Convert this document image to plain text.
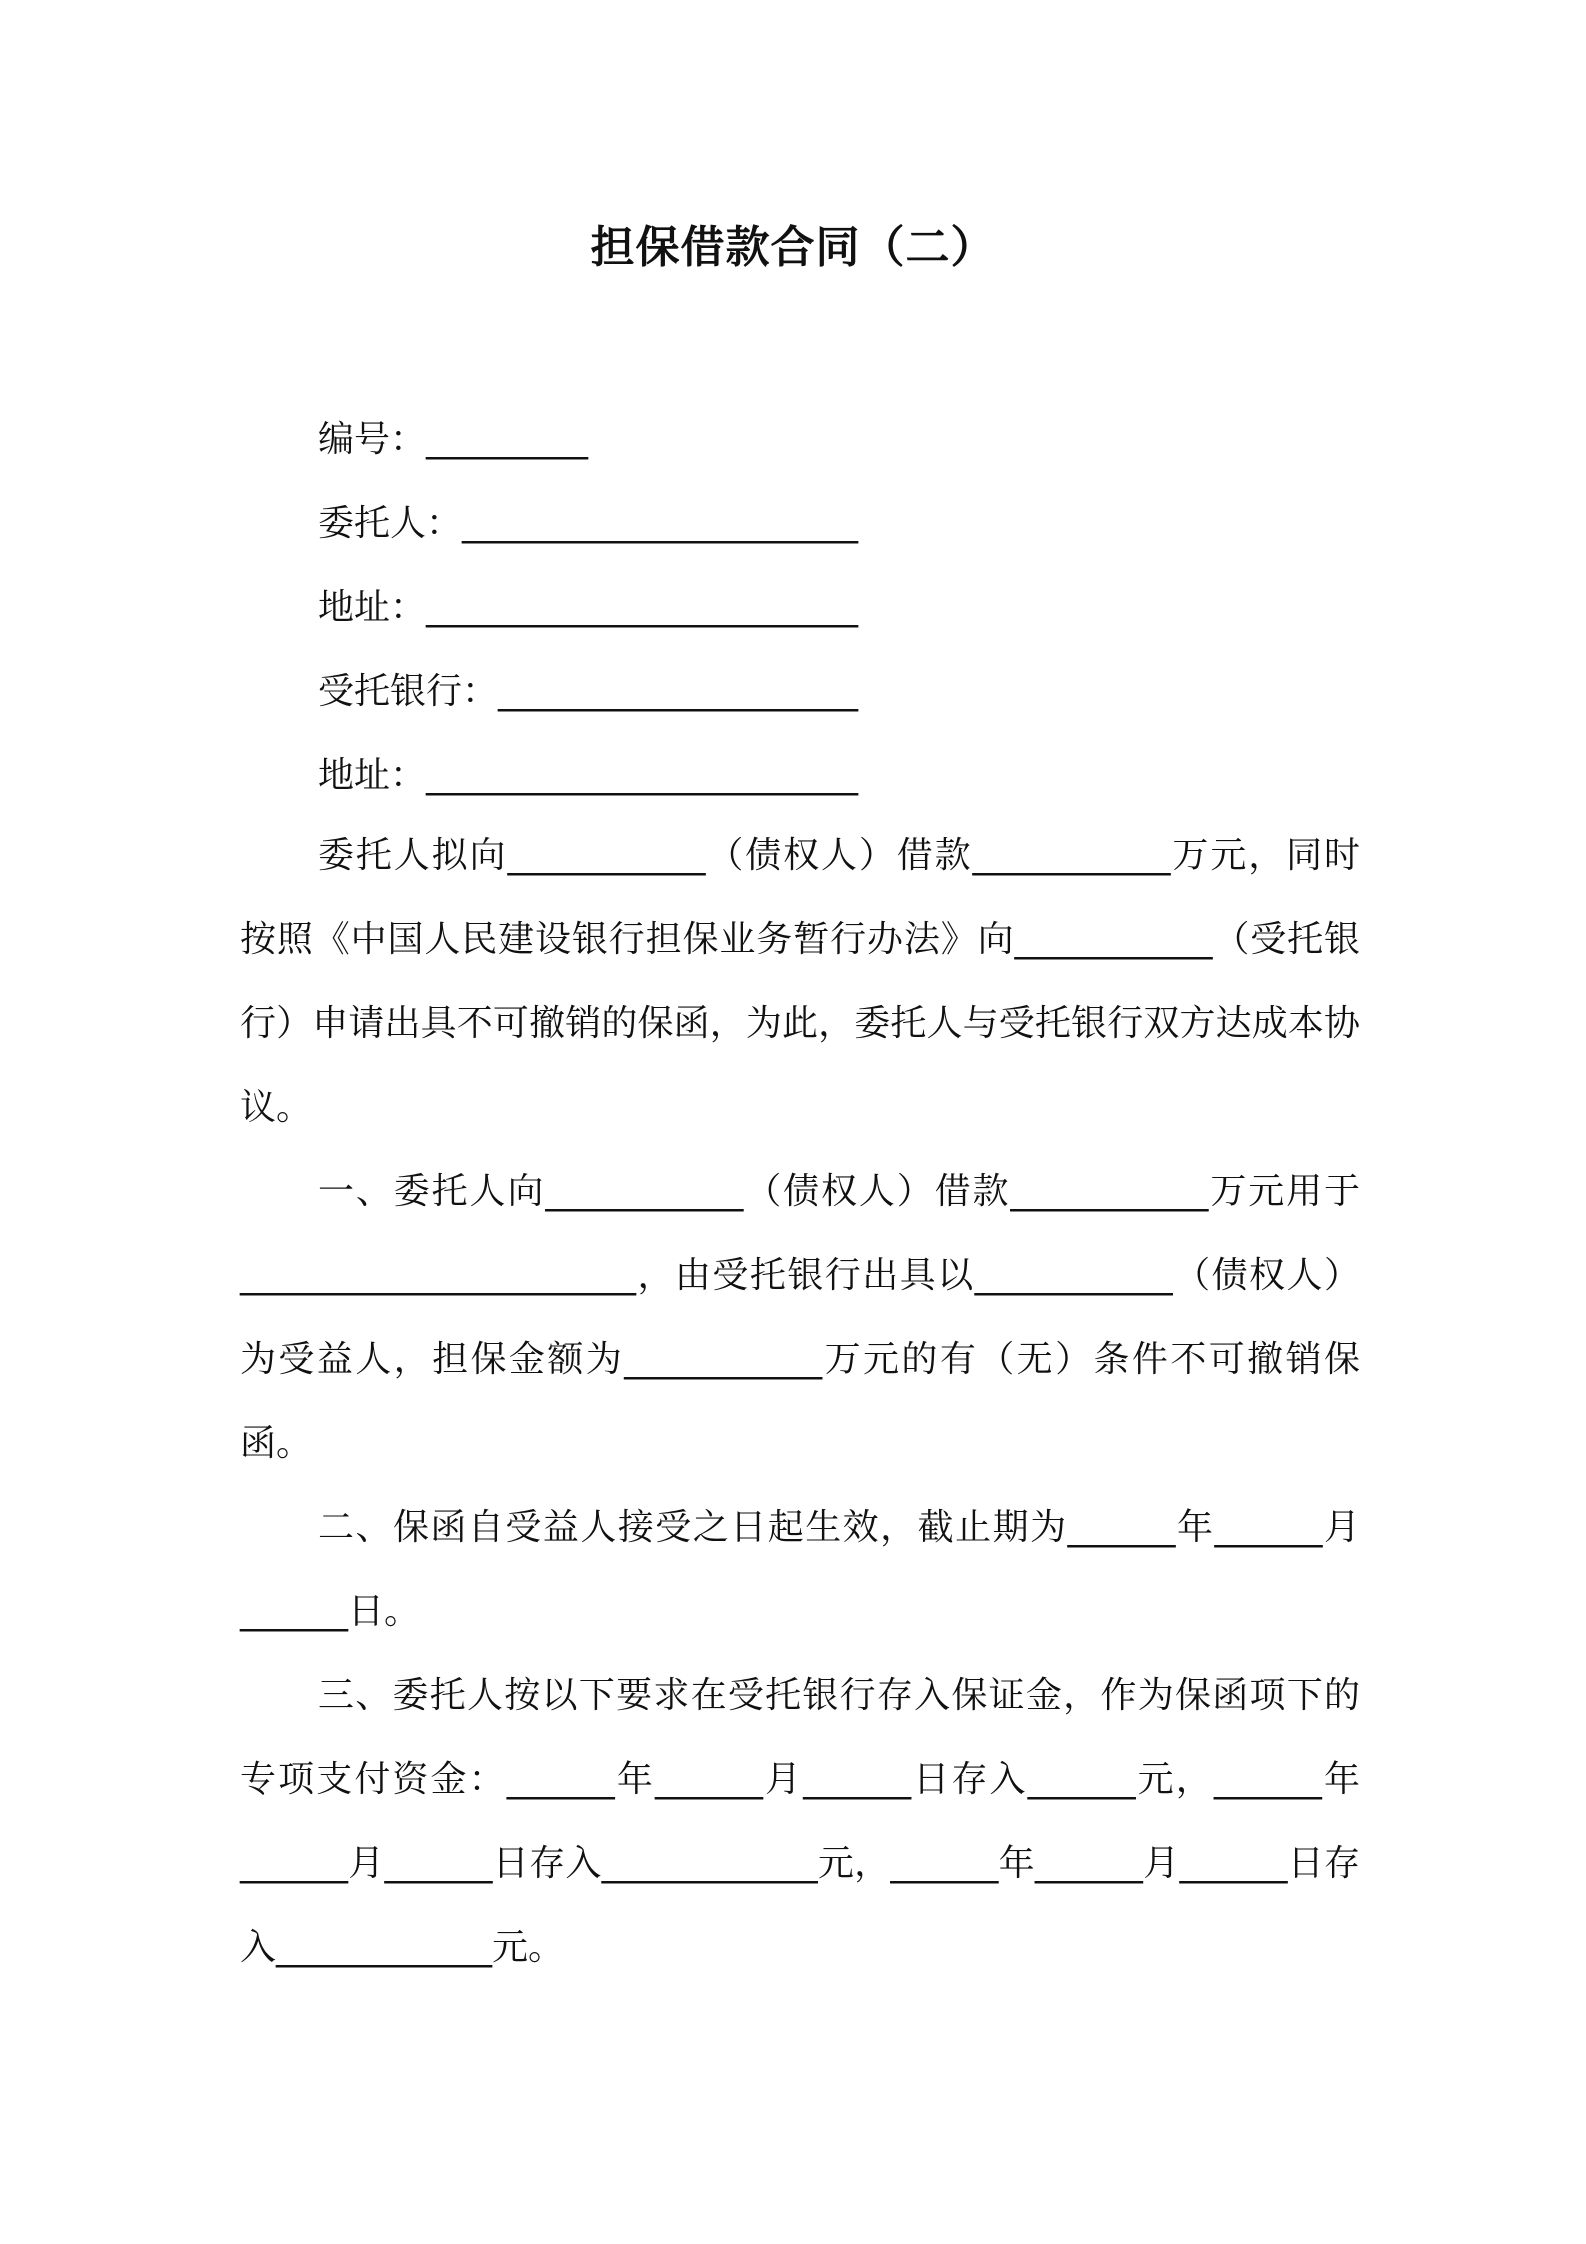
担保借款合同（二）
编号：_________
委托人：______________________
地址：________________________
受托银行：____________________
地址：________________________
委托人拟向___________（债权人）借款___________万元，同时按照《中国人民建设银行担保业务暂行办法》向___________（受托银行）申请出具不可撤销的保函，为此，委托人与受托银行双方达成本协议。
一、委托人向___________（债权人）借款___________万元用于______________________，由受托银行出具以___________（债权人）为受益人，担保金额为___________万元的有（无）条件不可撤销保函。
二、保函自受益人接受之日起生效，截止期为______年______月______日。
三、委托人按以下要求在受托银行存入保证金，作为保函项下的专项支付资金：______年______月______日存入______元，______年______月______日存入____________元，______年______月______日存入____________元。
